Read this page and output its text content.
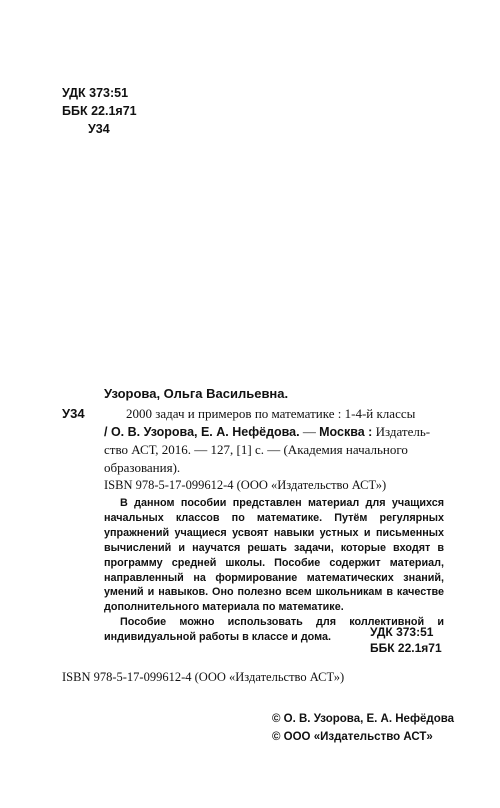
УДК 373:51
ББК 22.1я71
У34
Узорова, Ольга Васильевна.
У34	2000 задач и примеров по математике : 1-4-й классы
/ О. В. Узорова, Е. А. Нефёдова. — Москва : Издатель-
ство АСТ, 2016. — 127, [1] с. — (Академия начального
образования).
ISBN 978-5-17-099612-4 (ООО «Издательство АСТ»)

В данном пособии представлен материал для учащихся начальных классов по математике. Путём регулярных упражнений учащиеся усвоят навыки устных и письменных вычислений и научатся решать задачи, которые входят в программу средней школы. Пособие содержит материал, направленный на формирование математических знаний, умений и навыков. Оно полезно всем школьникам в качестве дополнительного материала по математике.

Пособие можно использовать для коллективной и индивидуальной работы в классе и дома.	УДК 373:51
ББК 22.1я71
ISBN 978-5-17-099612-4 (ООО «Издательство АСТ»)
© О. В. Узорова, Е. А. Нефёдова
© ООО «Издательство АСТ»
